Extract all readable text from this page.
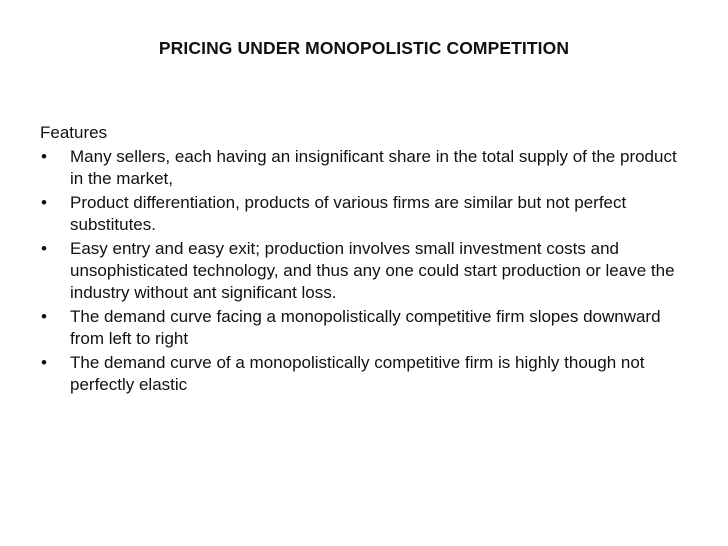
PRICING UNDER MONOPOLISTIC COMPETITION
Features
•	Many sellers, each having an insignificant share in the total supply of the product in the market,
•	Product differentiation, products of various firms are similar but not perfect substitutes.
•	Easy entry and easy exit; production involves small investment costs and unsophisticated technology, and thus any one could start production or leave the industry without ant significant loss.
•	The demand curve facing a monopolistically competitive firm slopes downward from left to right
•	The demand curve of a monopolistically competitive firm is highly though not perfectly elastic
